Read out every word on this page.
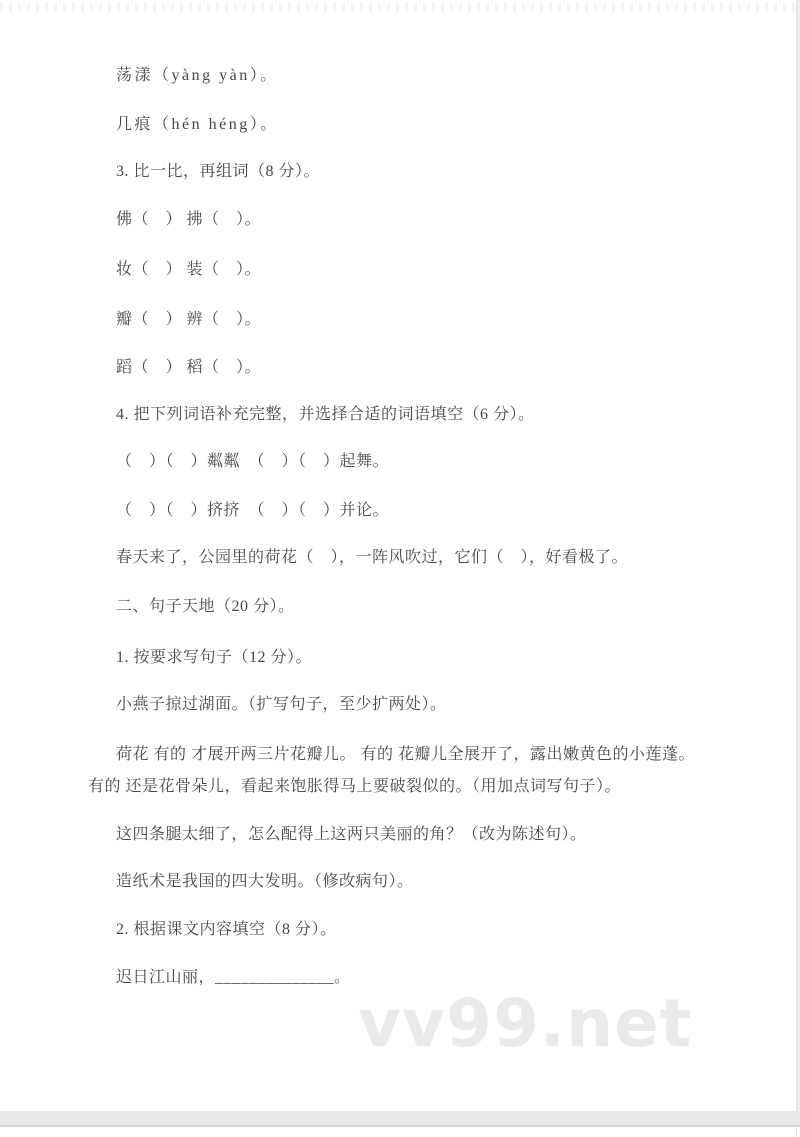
荡漾（yàng yàn）。
几痕（hén héng）。
3. 比一比，再组词（8 分）。
佛（　） 拂（　）。
妆（　） 装（　）。
瓣（　） 辨（　）。
蹈（　） 稻（　）。
4. 把下列词语补充完整，并选择合适的词语填空（6 分）。
（　）（　）粼粼　（　）（　）起舞。
（　）（　）挤挤　（　）（　）并论。
春天来了，公园里的荷花（　），一阵风吹过，它们（　），好看极了。
二、句子天地（20 分）。
1. 按要求写句子（12 分）。
小燕子掠过湖面。（扩写句子，至少扩两处）。
荷花 有的 才展开两三片花瓣儿。 有的 花瓣儿全展开了，露出嫩黄色的小莲蓬。 有的 还是花骨朵儿，看起来饱胀得马上要破裂似的。（用加点词写句子）。
这四条腿太细了，怎么配得上这两只美丽的角？（改为陈述句）。
造纸术是我国的四大发明。（修改病句）。
2. 根据课文内容填空（8 分）。
迟日江山丽，______________。
vv99.net
